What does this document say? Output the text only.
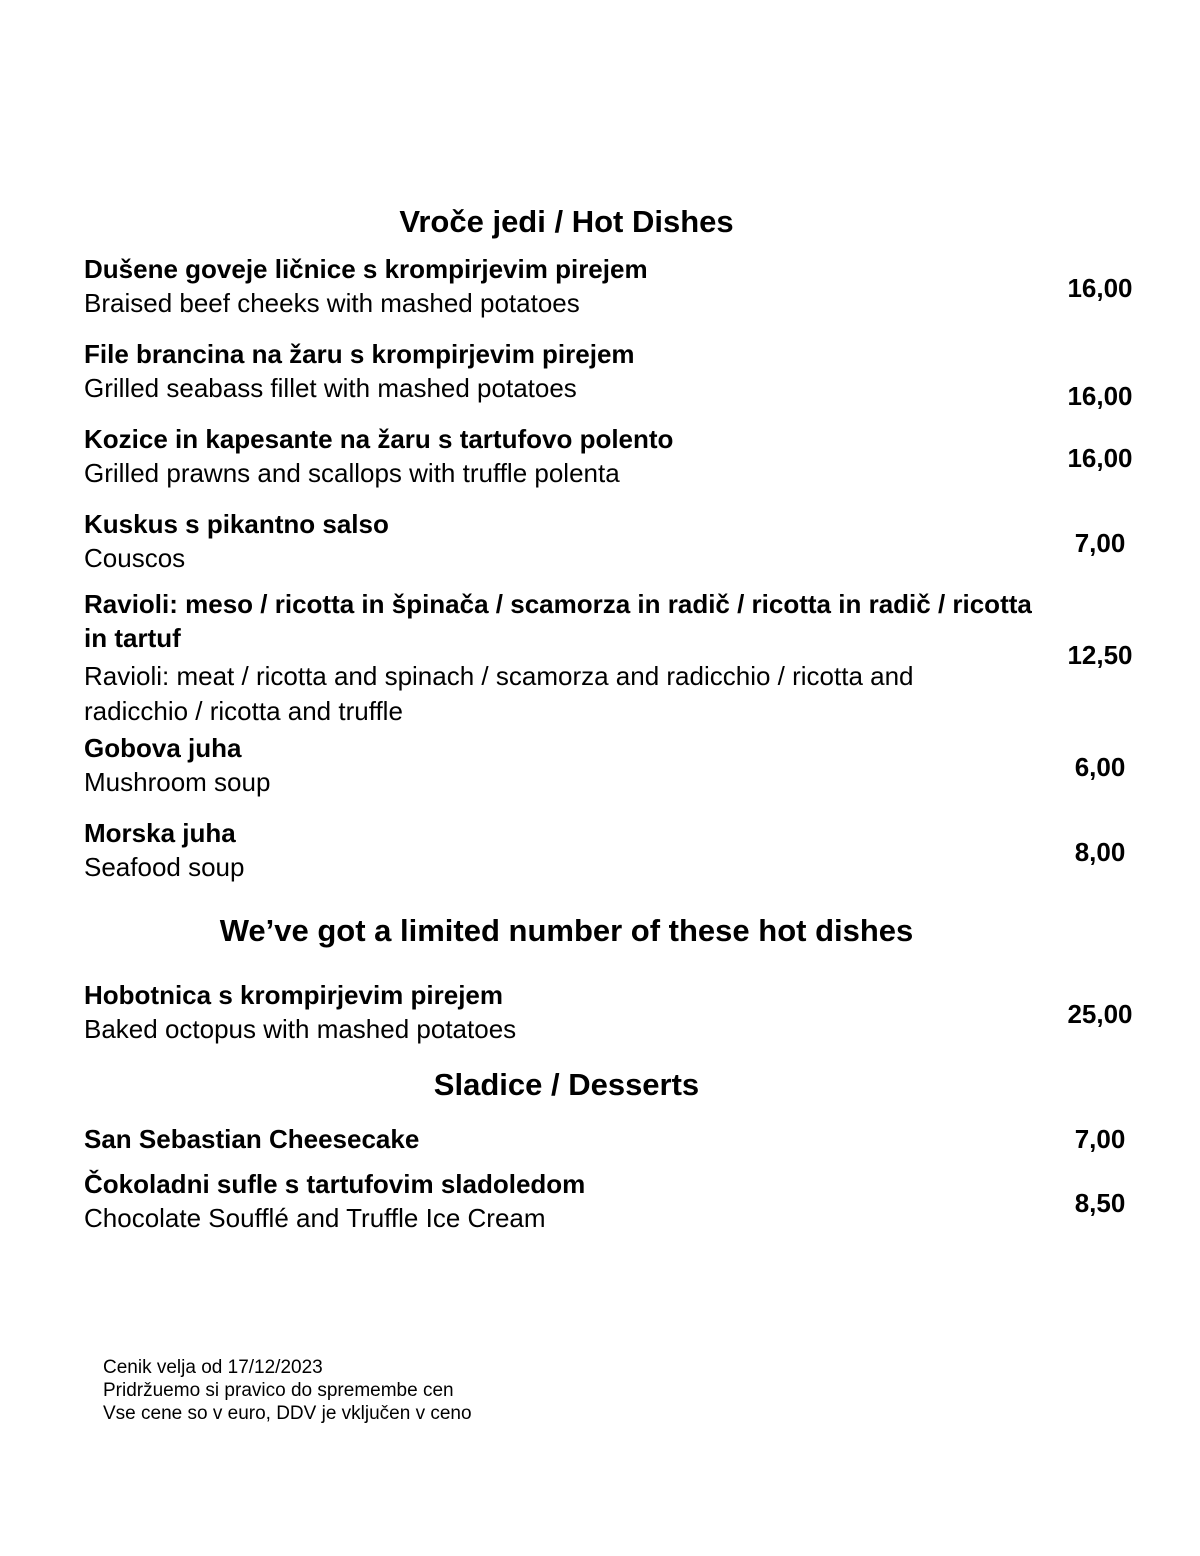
Vroče jedi / Hot Dishes
Dušene goveje ličnice s krompirjevim pirejem
Braised beef cheeks with mashed potatoes	16,00
File brancina na žaru s krompirjevim pirejem
Grilled seabass fillet with mashed potatoes	16,00
Kozice in kapesante na žaru s tartufovo polento
Grilled prawns and scallops with truffle polenta	16,00
Kuskus s pikantno salso
Couscos	7,00
Ravioli: meso / ricotta in špinača / scamorza in radič / ricotta in radič / ricotta in tartuf
Ravioli: meat / ricotta and spinach / scamorza and radicchio / ricotta and radicchio / ricotta and truffle
12,50
Gobova juha
Mushroom soup	6,00
Morska juha
Seafood soup	8,00
We’ve got a limited number of these hot dishes
Hobotnica s krompirjevim pirejem
Baked octopus with mashed potatoes	25,00
Sladice / Desserts
San Sebastian Cheesecake	7,00
Čokoladni sufle s tartufovim sladoledom
Chocolate Soufflé and Truffle Ice Cream	8,50
Cenik velja od 17/12/2023
Pridržuemo si pravico do spremembe cen
Vse cene so v euro, DDV je vključen v ceno
